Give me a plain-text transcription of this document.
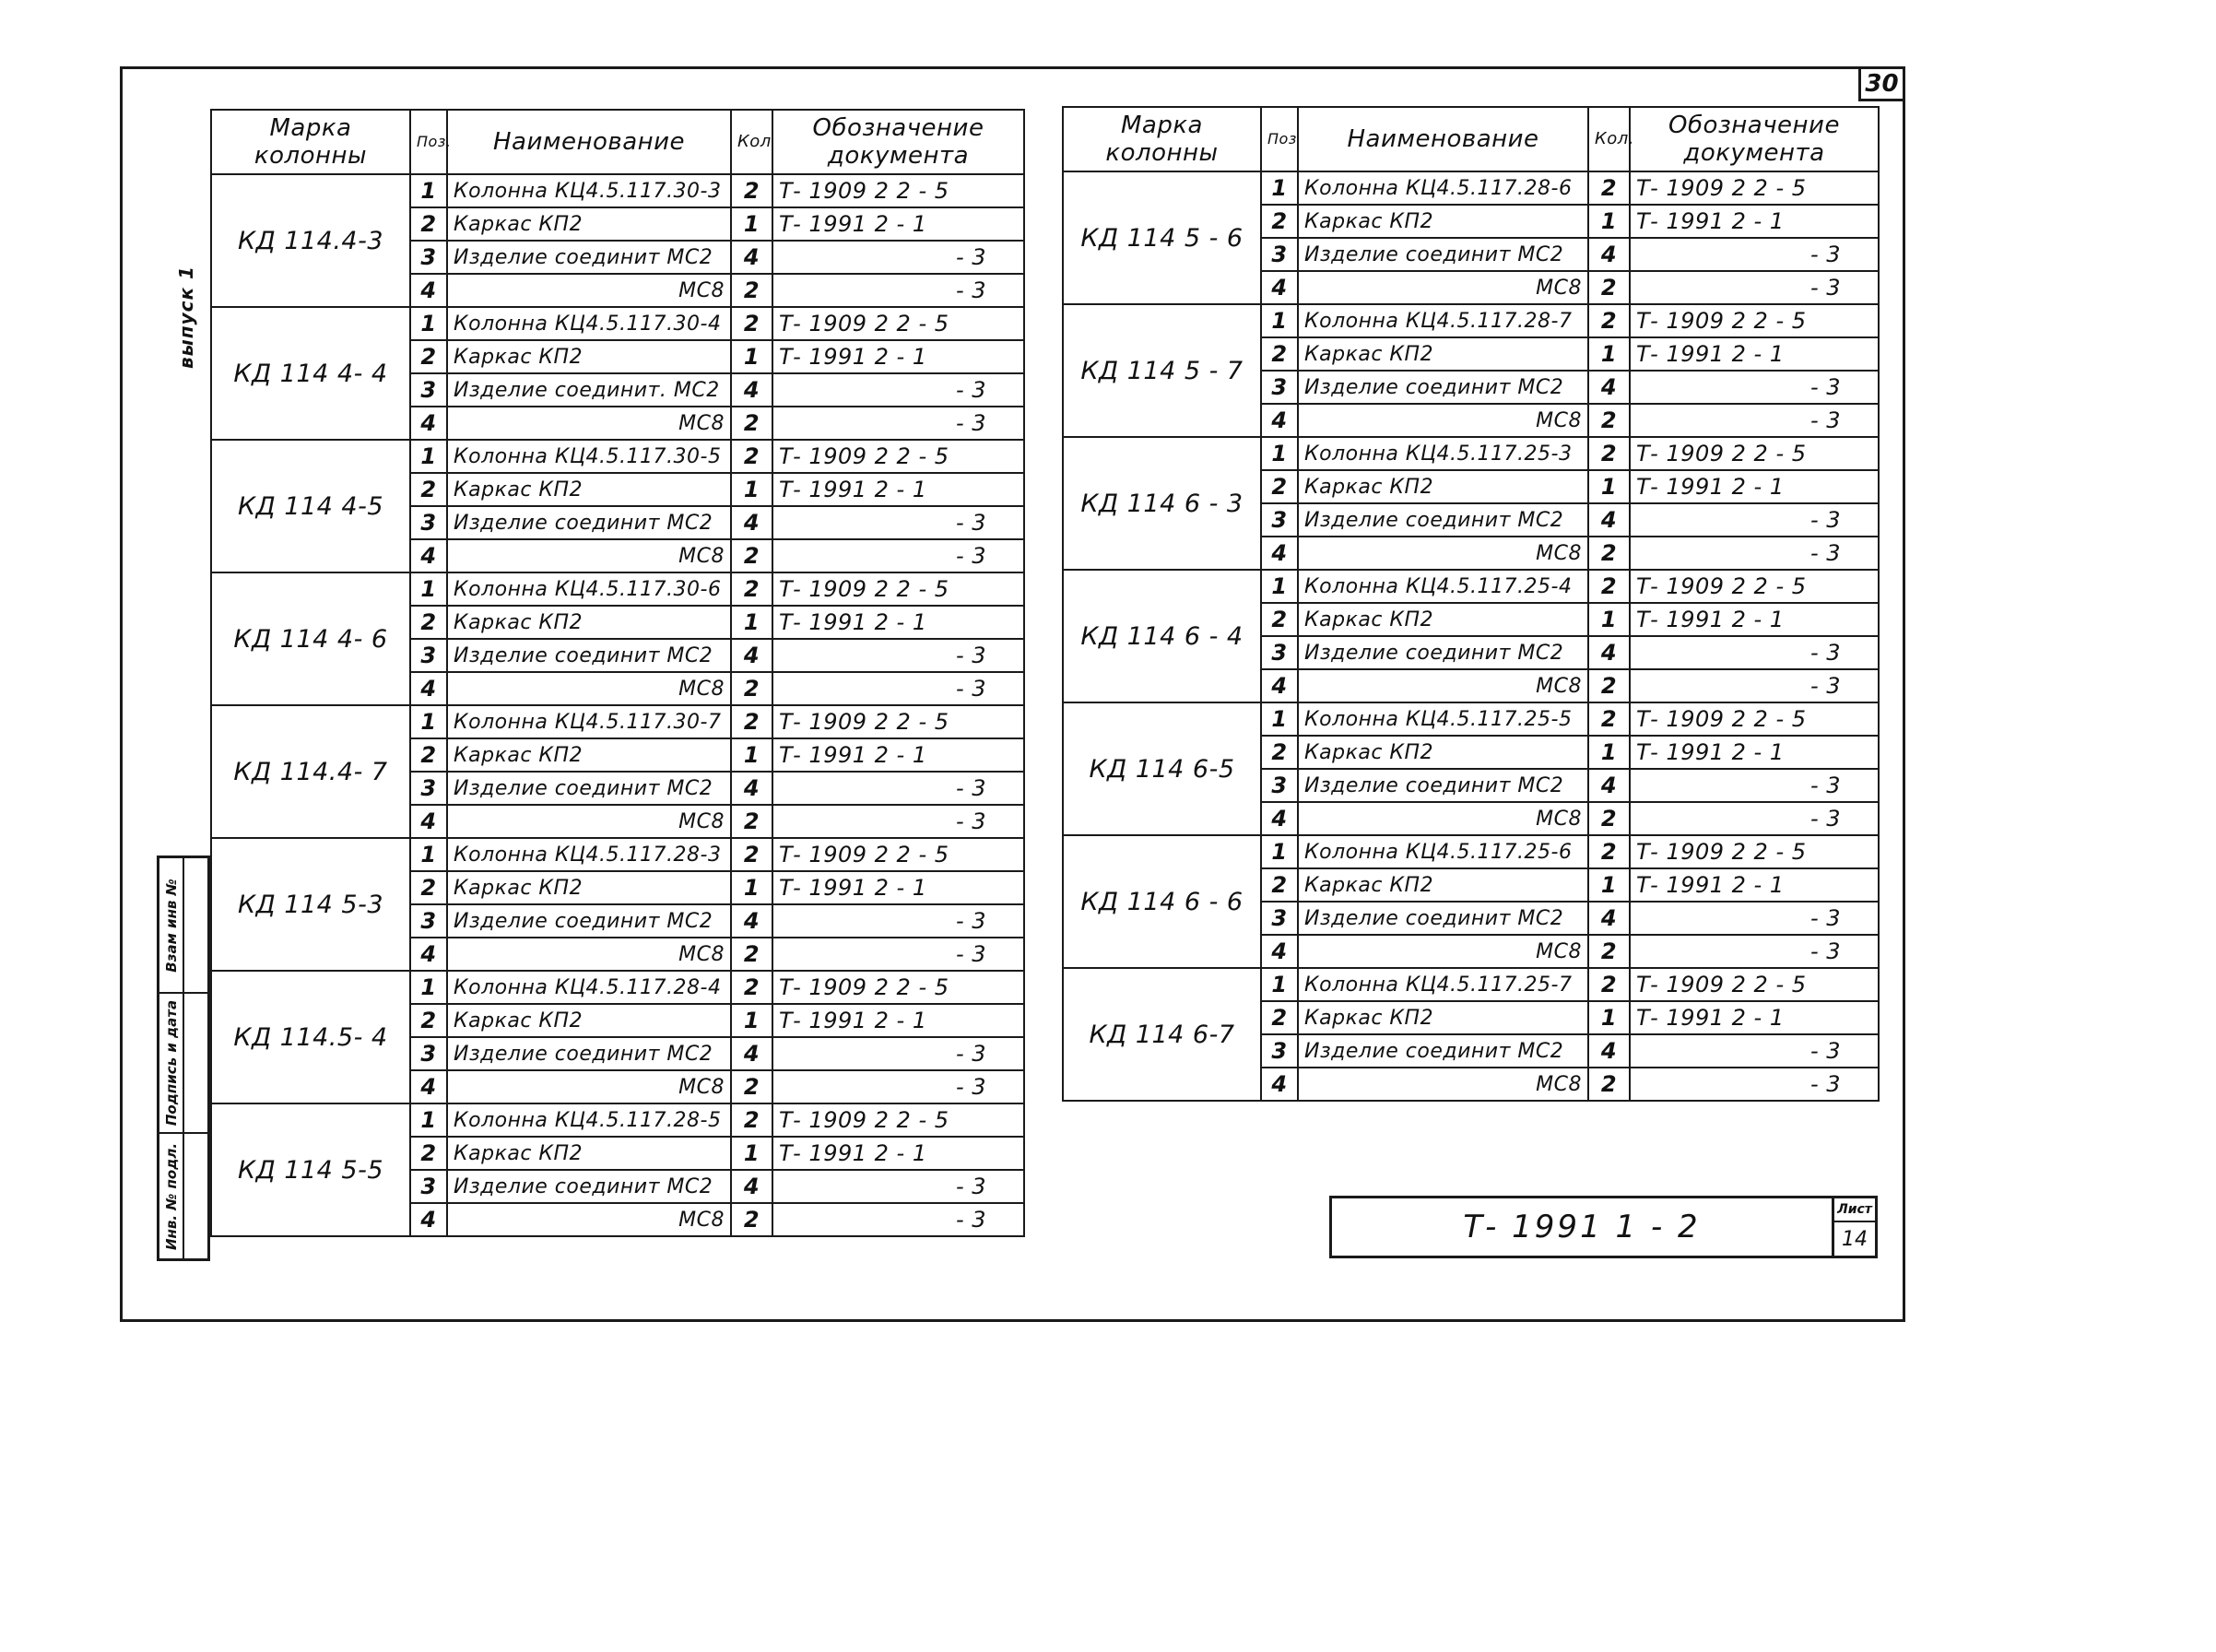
30
выпуск 1
Взам инв №
Подпись и дата
Инв. № подл.
Марка колонны	Поз.	Наименование	Кол	Обозначение документа
КД 114.4-3	1	Колонна КЦ4.5.117.30-3	2	Т- 1909 2 2 - 5
	2	Каркас КП2	1	Т- 1991 2 - 1
	3	Изделие соединит МС2	4	- 3
	4	МС8	2	- 3
КД 114 4- 4	1	Колонна КЦ4.5.117.30-4	2	Т- 1909 2 2 - 5
	2	Каркас КП2	1	Т- 1991 2 - 1
	3	Изделие соединит. МС2	4	- 3
	4	МС8	2	- 3
КД 114 4-5	1	Колонна КЦ4.5.117.30-5	2	Т- 1909 2 2 - 5
	2	Каркас КП2	1	Т- 1991 2 - 1
	3	Изделие соединит МС2	4	- 3
	4	МС8	2	- 3
КД 114 4- 6	1	Колонна КЦ4.5.117.30-6	2	Т- 1909 2 2 - 5
	2	Каркас КП2	1	Т- 1991 2 - 1
	3	Изделие соединит МС2	4	- 3
	4	МС8	2	- 3
КД 114.4- 7	1	Колонна КЦ4.5.117.30-7	2	Т- 1909 2 2 - 5
	2	Каркас КП2	1	Т- 1991 2 - 1
	3	Изделие соединит МС2	4	- 3
	4	МС8	2	- 3
КД 114 5-3	1	Колонна КЦ4.5.117.28-3	2	Т- 1909 2 2 - 5
	2	Каркас КП2	1	Т- 1991 2 - 1
	3	Изделие соединит МС2	4	- 3
	4	МС8	2	- 3
КД 114.5- 4	1	Колонна КЦ4.5.117.28-4	2	Т- 1909 2 2 - 5
	2	Каркас КП2	1	Т- 1991 2 - 1
	3	Изделие соединит МС2	4	- 3
	4	МС8	2	- 3
КД 114 5-5	1	Колонна КЦ4.5.117.28-5	2	Т- 1909 2 2 - 5
	2	Каркас КП2	1	Т- 1991 2 - 1
	3	Изделие соединит МС2	4	- 3
	4	МС8	2	- 3
Марка колонны	Поз	Наименование	Кол.	Обозначение документа
КД 114 5 - 6	1	Колонна КЦ4.5.117.28-6	2	Т- 1909 2 2 - 5
	2	Каркас КП2	1	Т- 1991 2 - 1
	3	Изделие соединит МС2	4	- 3
	4	МС8	2	- 3
КД 114 5 - 7	1	Колонна КЦ4.5.117.28-7	2	Т- 1909 2 2 - 5
	2	Каркас КП2	1	Т- 1991 2 - 1
	3	Изделие соединит МС2	4	- 3
	4	МС8	2	- 3
КД 114 6 - 3	1	Колонна КЦ4.5.117.25-3	2	Т- 1909 2 2 - 5
	2	Каркас КП2	1	Т- 1991 2 - 1
	3	Изделие соединит МС2	4	- 3
	4	МС8	2	- 3
КД 114 6 - 4	1	Колонна КЦ4.5.117.25-4	2	Т- 1909 2 2 - 5
	2	Каркас КП2	1	Т- 1991 2 - 1
	3	Изделие соединит МС2	4	- 3
	4	МС8	2	- 3
КД 114 6-5	1	Колонна КЦ4.5.117.25-5	2	Т- 1909 2 2 - 5
	2	Каркас КП2	1	Т- 1991 2 - 1
	3	Изделие соединит МС2	4	- 3
	4	МС8	2	- 3
КД 114 6 - 6	1	Колонна КЦ4.5.117.25-6	2	Т- 1909 2 2 - 5
	2	Каркас КП2	1	Т- 1991 2 - 1
	3	Изделие соединит МС2	4	- 3
	4	МС8	2	- 3
КД 114 6-7	1	Колонна КЦ4.5.117.25-7	2	Т- 1909 2 2 - 5
	2	Каркас КП2	1	Т- 1991 2 - 1
	3	Изделие соединит МС2	4	- 3
	4	МС8	2	- 3
Т- 1991 1 - 2	Лист
14
